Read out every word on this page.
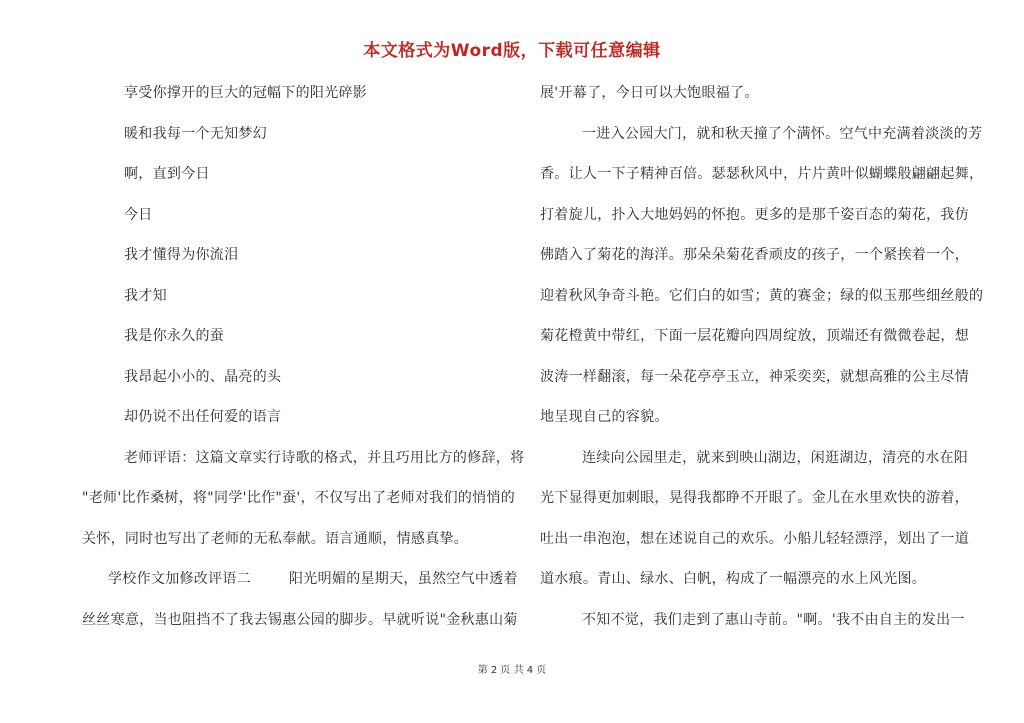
本文格式为Word版，下载可任意编辑
享受你撑开的巨大的冠幅下的阳光碎影
暖和我每一个无知梦幻
啊，直到今日
今日
我才懂得为你流泪
我才知
我是你永久的蚕
我昂起小小的、晶亮的头
却仍说不出任何爱的语言
老师评语：这篇文章实行诗歌的格式，并且巧用比方的修辞，将
"老师'比作桑树，将"同学'比作"蚕'，不仅写出了老师对我们的悄悄的
关怀，同时也写出了老师的无私奉献。语言通顺，情感真挚。
学校作文加修改评语二	阳光明媚的星期天，虽然空气中透着
丝丝寒意，当也阻挡不了我去锡惠公园的脚步。早就听说"金秋惠山菊
展'开幕了，今日可以大饱眼福了。
一进入公园大门，就和秋天撞了个满怀。空气中充满着淡淡的芳
香。让人一下子精神百倍。瑟瑟秋风中，片片黄叶似蝴蝶般翩翩起舞，
打着旋儿，扑入大地妈妈的怀抱。更多的是那千姿百态的菊花，我仿
佛踏入了菊花的海洋。那朵朵菊花香顽皮的孩子，一个紧挨着一个，
迎着秋风争奇斗艳。它们白的如雪；黄的赛金；绿的似玉那些细丝般的
菊花橙黄中带红，下面一层花瓣向四周绽放，顶端还有微微卷起，想
波涛一样翻滚，每一朵花亭亭玉立，神采奕奕，就想高雅的公主尽情
地呈现自己的容貌。
连续向公园里走，就来到映山湖边，闲逛湖边，清亮的水在阳
光下显得更加刺眼，晃得我都睁不开眼了。金儿在水里欢快的游着，
吐出一串泡泡，想在述说自己的欢乐。小船儿轻轻漂浮，划出了一道
道水痕。青山、绿水、白帆，构成了一幅漂亮的水上风光图。
不知不觉，我们走到了惠山寺前。"啊。'我不由自主的发出一
第 2 页 共 4 页
